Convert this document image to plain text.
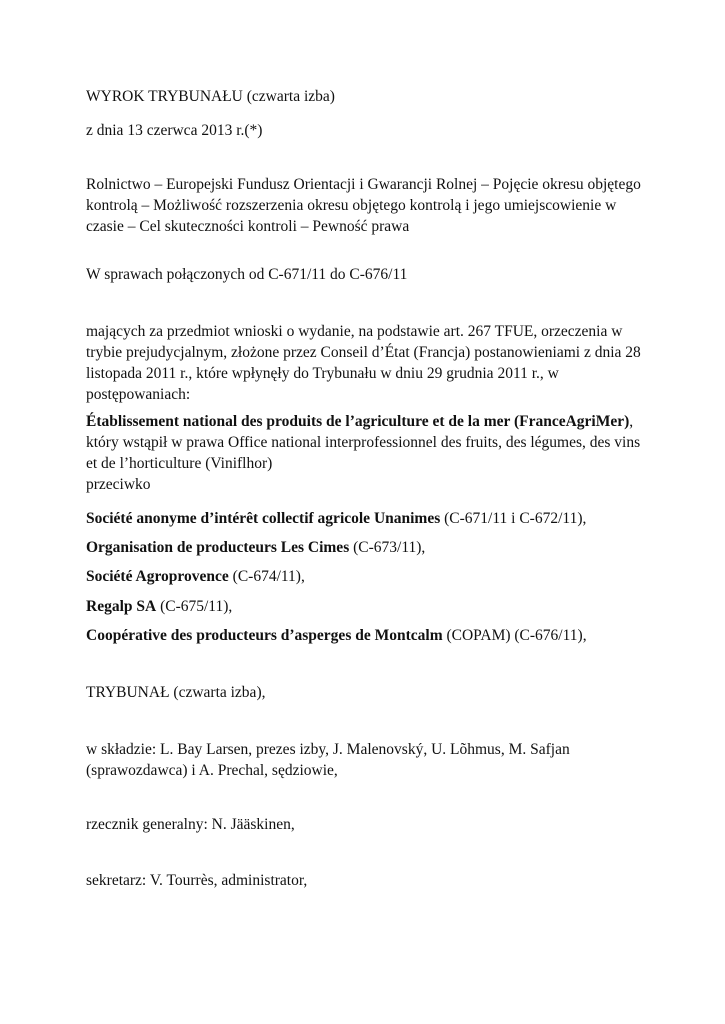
WYROK TRYBUNAŁU (czwarta izba)

z dnia 13 czerwca 2013 r.(*)

Rolnictwo – Europejski Fundusz Orientacji i Gwarancji Rolnej – Pojęcie okresu objętego kontrolą – Możliwość rozszerzenia okresu objętego kontrolą i jego umiejscowienie w czasie – Cel skuteczności kontroli – Pewność prawa

W sprawach połączonych od C‑671/11 do C‑676/11

mających za przedmiot wnioski o wydanie, na podstawie art. 267 TFUE, orzeczenia w trybie prejudycjalnym, złożone przez Conseil d’État (Francja) postanowieniami z dnia 28 listopada 2011 r., które wpłynęły do Trybunału w dniu 29 grudnia 2011 r., w postępowaniach:

Établissement national des produits de l’agriculture et de la mer (FranceAgriMer), który wstąpił w prawa Office national interprofessionnel des fruits, des légumes, des vins et de l’horticulture (Viniflhor)

przeciwko

Société anonyme d’intérêt collectif agricole Unanimes (C‑671/11 i C‑672/11),

Organisation de producteurs Les Cimes (C‑673/11),

Société Agroprovence (C‑674/11),

Regalp SA (C‑675/11),

Coopérative des producteurs d’asperges de Montcalm (COPAM) (C‑676/11),

TRYBUNAŁ (czwarta izba),

w składzie: L. Bay Larsen, prezes izby, J. Malenovský, U. Lõhmus, M. Safjan (sprawozdawca) i A. Prechal, sędziowie,

rzecznik generalny: N. Jääskinen,

sekretarz: V. Tourrès, administrator,
